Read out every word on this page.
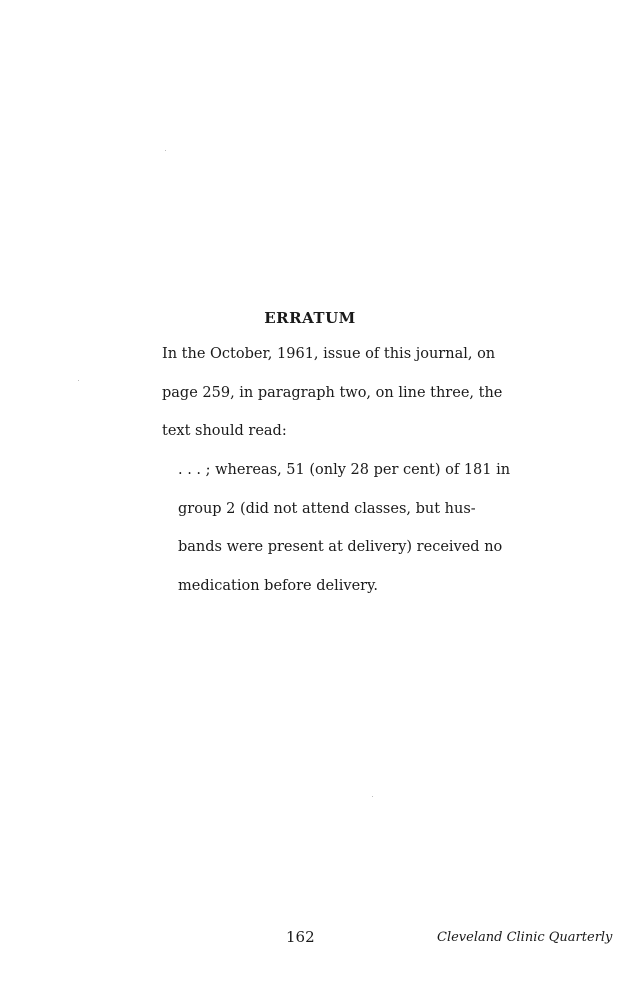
ERRATUM
In the October, 1961, issue of this journal, on
page 259, in paragraph two, on line three, the
text should read:
. . . ; whereas, 51 (only 28 per cent) of 181 in
group 2 (did not attend classes, but hus-
bands were present at delivery) received no
medication before delivery.
162	Cleveland Clinic Quarterly
